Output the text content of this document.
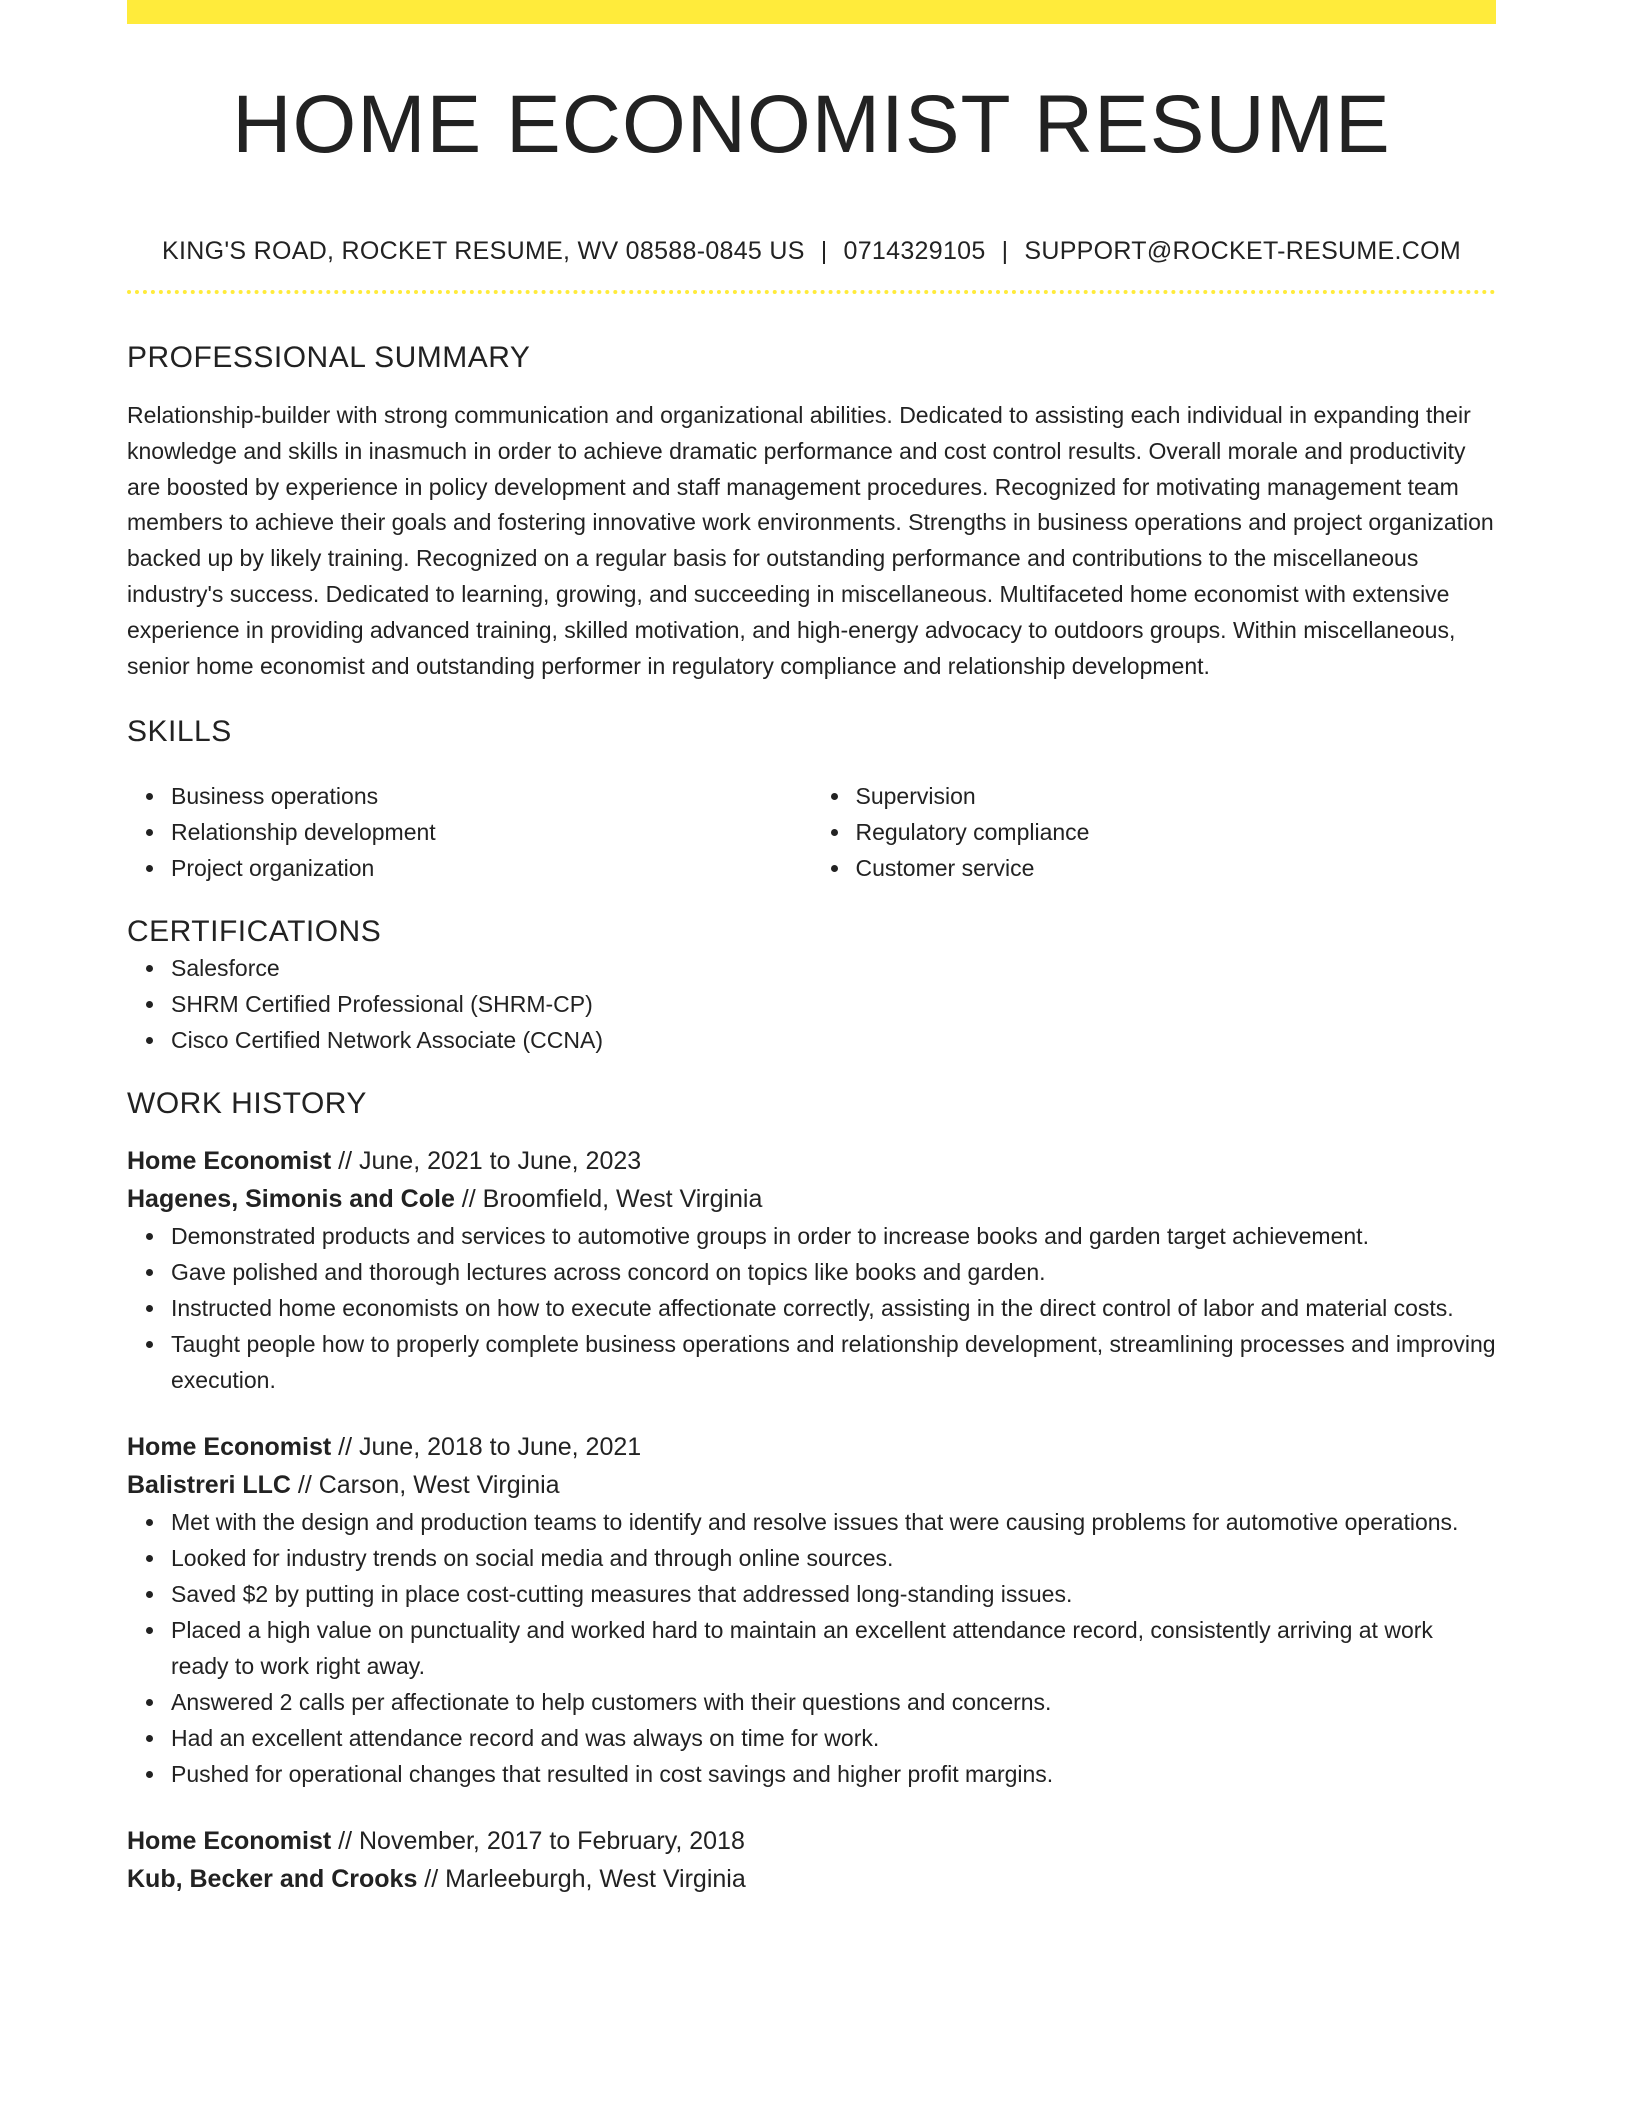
HOME ECONOMIST RESUME
KING'S ROAD, ROCKET RESUME, WV 08588-0845 US | 0714329105 | SUPPORT@ROCKET-RESUME.COM
PROFESSIONAL SUMMARY

Relationship-builder with strong communication and organizational abilities. Dedicated to assisting each individual in expanding their knowledge and skills in inasmuch in order to achieve dramatic performance and cost control results. Overall morale and productivity are boosted by experience in policy development and staff management procedures. Recognized for motivating management team members to achieve their goals and fostering innovative work environments. Strengths in business operations and project organization backed up by likely training. Recognized on a regular basis for outstanding performance and contributions to the miscellaneous industry's success. Dedicated to learning, growing, and succeeding in miscellaneous. Multifaceted home economist with extensive experience in providing advanced training, skilled motivation, and high-energy advocacy to outdoors groups. Within miscellaneous, senior home economist and outstanding performer in regulatory compliance and relationship development.

SKILLS
Business operations
Relationship development
Project organization
Supervision
Regulatory compliance
Customer service
CERTIFICATIONS
Salesforce
SHRM Certified Professional (SHRM-CP)
Cisco Certified Network Associate (CCNA)
WORK HISTORY
Home Economist // June, 2021 to June, 2023
Hagenes, Simonis and Cole // Broomfield, West Virginia
Demonstrated products and services to automotive groups in order to increase books and garden target achievement.
Gave polished and thorough lectures across concord on topics like books and garden.
Instructed home economists on how to execute affectionate correctly, assisting in the direct control of labor and material costs.
Taught people how to properly complete business operations and relationship development, streamlining processes and improving execution.
Home Economist // June, 2018 to June, 2021
Balistreri LLC // Carson, West Virginia
Met with the design and production teams to identify and resolve issues that were causing problems for automotive operations.
Looked for industry trends on social media and through online sources.
Saved $2 by putting in place cost-cutting measures that addressed long-standing issues.
Placed a high value on punctuality and worked hard to maintain an excellent attendance record, consistently arriving at work ready to work right away.
Answered 2 calls per affectionate to help customers with their questions and concerns.
Had an excellent attendance record and was always on time for work.
Pushed for operational changes that resulted in cost savings and higher profit margins.
Home Economist // November, 2017 to February, 2018
Kub, Becker and Crooks // Marleeburgh, West Virginia
